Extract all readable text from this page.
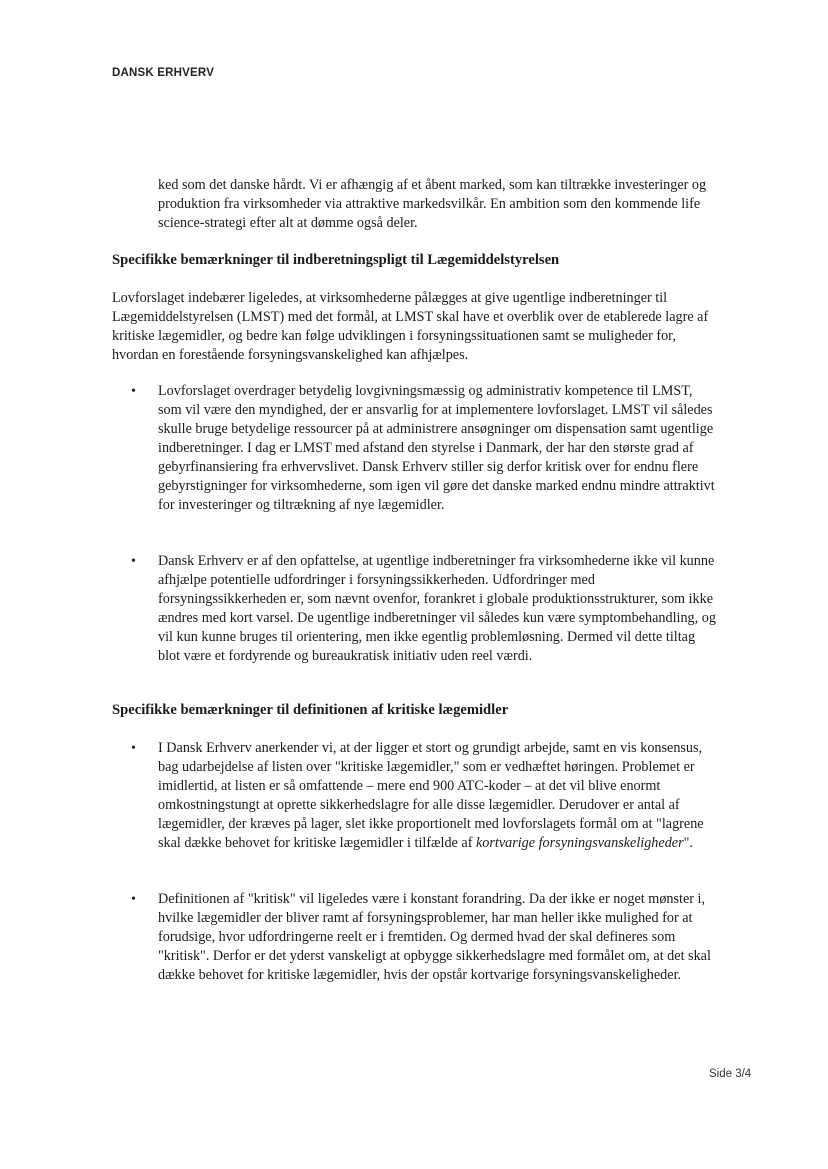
DANSK ERHVERV

ked som det danske hårdt. Vi er afhængig af et åbent marked, som kan tiltrække investeringer og produktion fra virksomheder via attraktive markedsvilkår. En ambition som den kommende life science-strategi efter alt at dømme også deler.

Specifikke bemærkninger til indberetningspligt til Lægemiddelstyrelsen

Lovforslaget indebærer ligeledes, at virksomhederne pålægges at give ugentlige indberetninger til Lægemiddelstyrelsen (LMST) med det formål, at LMST skal have et overblik over de etablerede lagre af kritiske lægemidler, og bedre kan følge udviklingen i forsyningssituationen samt se muligheder for, hvordan en forestående forsyningsvanskelighed kan afhjælpes.

• Lovforslaget overdrager betydelig lovgivningsmæssig og administrativ kompetence til LMST, som vil være den myndighed, der er ansvarlig for at implementere lovforslaget. LMST vil således skulle bruge betydelige ressourcer på at administrere ansøgninger om dispensation samt ugentlige indberetninger. I dag er LMST med afstand den styrelse i Danmark, der har den største grad af gebyrfinansiering fra erhvervslivet. Dansk Erhverv stiller sig derfor kritisk over for endnu flere gebyrstigninger for virksomhederne, som igen vil gøre det danske marked endnu mindre attraktivt for investeringer og tiltrækning af nye lægemidler.

• Dansk Erhverv er af den opfattelse, at ugentlige indberetninger fra virksomhederne ikke vil kunne afhjælpe potentielle udfordringer i forsyningssikkerheden. Udfordringer med forsyningssikkerheden er, som nævnt ovenfor, forankret i globale produktionsstrukturer, som ikke ændres med kort varsel. De ugentlige indberetninger vil således kun være symptombehandling, og vil kun kunne bruges til orientering, men ikke egentlig problemløsning. Dermed vil dette tiltag blot være et fordyrende og bureaukratisk initiativ uden reel værdi.

Specifikke bemærkninger til definitionen af kritiske lægemidler
• I Dansk Erhverv anerkender vi, at der ligger et stort og grundigt arbejde, samt en vis konsensus, bag udarbejdelse af listen over "kritiske lægemidler," som er vedhæftet høringen. Problemet er imidlertid, at listen er så omfattende – mere end 900 ATC-koder – at det vil blive enormt omkostningstungt at oprette sikkerhedslagre for alle disse lægemidler. Derudover er antal af lægemidler, der kræves på lager, slet ikke proportionelt med lovforslagets formål om at "lagrene skal dække behovet for kritiske lægemidler i tilfælde af kortvarige forsyningsvanskeligheder".

• Definitionen af "kritisk" vil ligeledes være i konstant forandring. Da der ikke er noget mønster i, hvilke lægemidler der bliver ramt af forsyningsproblemer, har man heller ikke mulighed for at forudsige, hvor udfordringerne reelt er i fremtiden. Og dermed hvad der skal defineres som "kritisk". Derfor er det yderst vanskeligt at opbygge sikkerhedslagre med formålet om, at det skal dække behovet for kritiske lægemidler, hvis der opstår kortvarige forsyningsvanskeligheder.

Side 3/4
